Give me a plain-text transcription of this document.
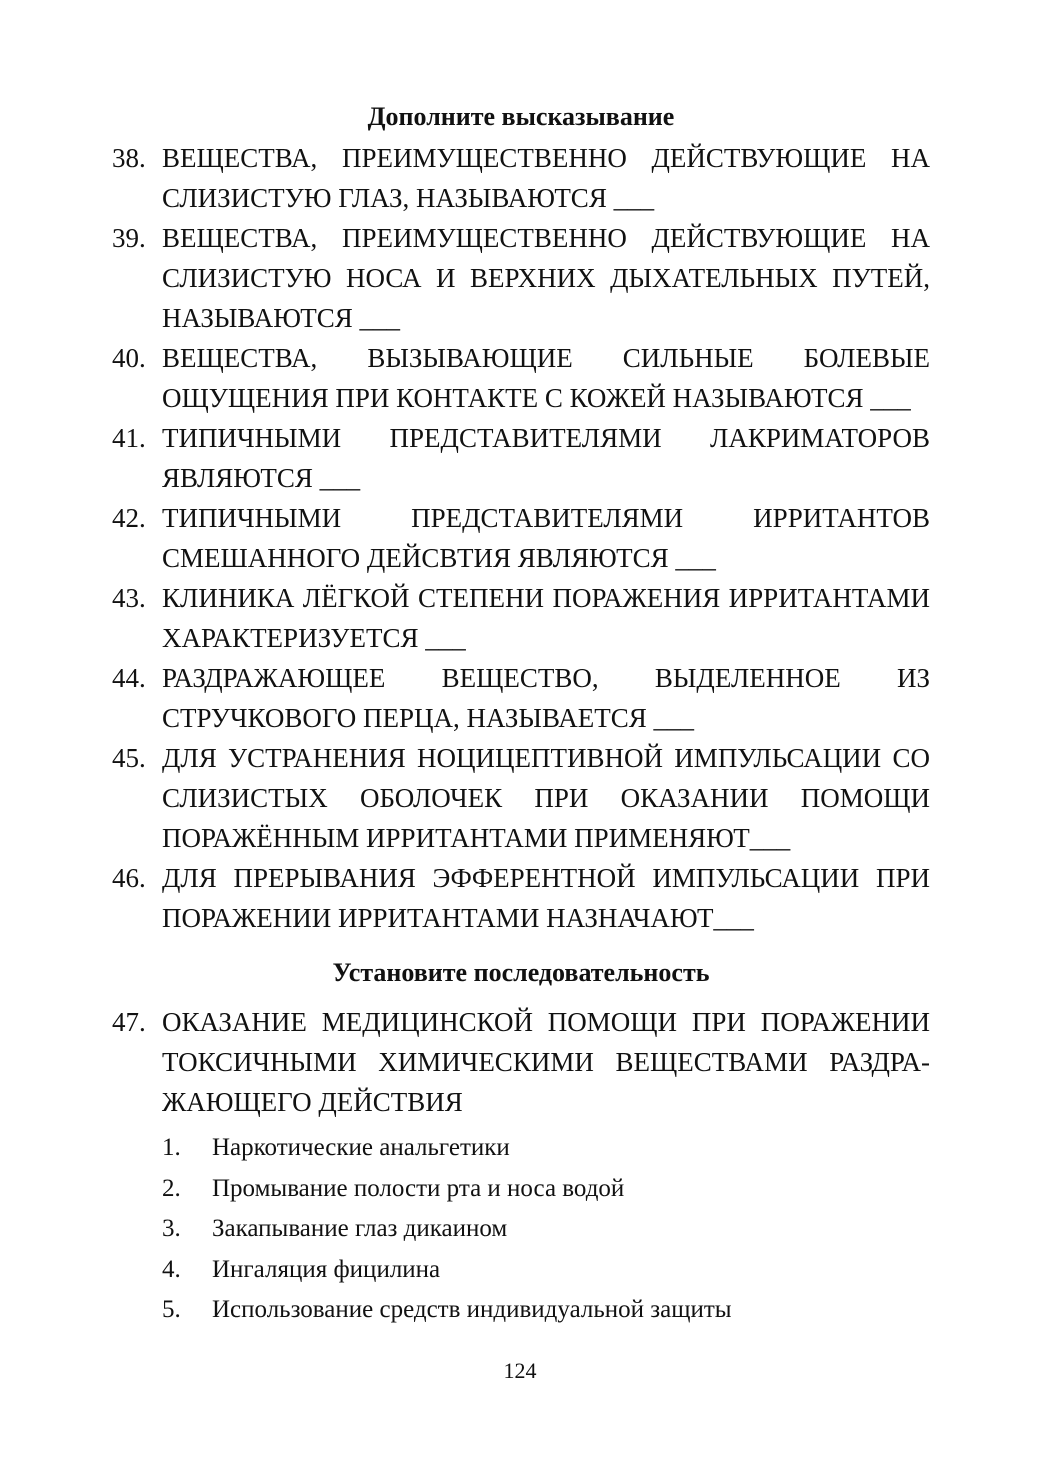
Дополните высказывание
38. ВЕЩЕСТВА, ПРЕИМУЩЕСТВЕННО ДЕЙСТВУЮЩИЕ НА СЛИЗИСТУЮ ГЛАЗ, НАЗЫВАЮТСЯ ___
39. ВЕЩЕСТВА, ПРЕИМУЩЕСТВЕННО ДЕЙСТВУЮЩИЕ НА СЛИЗИСТУЮ НОСА И ВЕРХНИХ ДЫХАТЕЛЬНЫХ ПУТЕЙ, НАЗЫВАЮТСЯ ___
40. ВЕЩЕСТВА, ВЫЗЫВАЮЩИЕ СИЛЬНЫЕ БОЛЕВЫЕ ОЩУЩЕНИЯ ПРИ КОНТАКТЕ С КОЖЕЙ НАЗЫВАЮТСЯ ___
41. ТИПИЧНЫМИ ПРЕДСТАВИТЕЛЯМИ ЛАКРИМАТОРОВ ЯВЛЯЮТСЯ ___
42. ТИПИЧНЫМИ ПРЕДСТАВИТЕЛЯМИ ИРРИТАНТОВ СМЕШАННОГО ДЕЙСВТИЯ ЯВЛЯЮТСЯ ___
43. КЛИНИКА ЛЁГКОЙ СТЕПЕНИ ПОРАЖЕНИЯ ИРРИТАНТАМИ ХАРАКТЕРИЗУЕТСЯ ___
44. РАЗДРАЖАЮЩЕЕ ВЕЩЕСТВО, ВЫДЕЛЕННОЕ ИЗ СТРУЧКОВОГО ПЕРЦА, НАЗЫВАЕТСЯ ___
45. ДЛЯ УСТРАНЕНИЯ НОЦИЦЕПТИВНОЙ ИМПУЛЬСАЦИИ СО СЛИЗИСТЫХ ОБОЛОЧЕК ПРИ ОКАЗАНИИ ПОМОЩИ ПОРАЖЁННЫМ ИРРИТАНТАМИ ПРИМЕНЯЮТ___
46. ДЛЯ ПРЕРЫВАНИЯ ЭФФЕРЕНТНОЙ ИМПУЛЬСАЦИИ ПРИ ПОРАЖЕНИИ ИРРИТАНТАМИ НАЗНАЧАЮТ___
Установите последовательность
47. ОКАЗАНИЕ МЕДИЦИНСКОЙ ПОМОЩИ ПРИ ПОРАЖЕНИИ ТОКСИЧНЫМИ ХИМИЧЕСКИМИ ВЕЩЕСТВАМИ РАЗДРАЖАЮЩЕГО ДЕЙСТВИЯ
1.	Наркотические анальгетики
2.	Промывание полости рта и носа водой
3.	Закапывание глаз дикаином
4.	Ингаляция фицилина
5.	Использование средств индивидуальной защиты
124
